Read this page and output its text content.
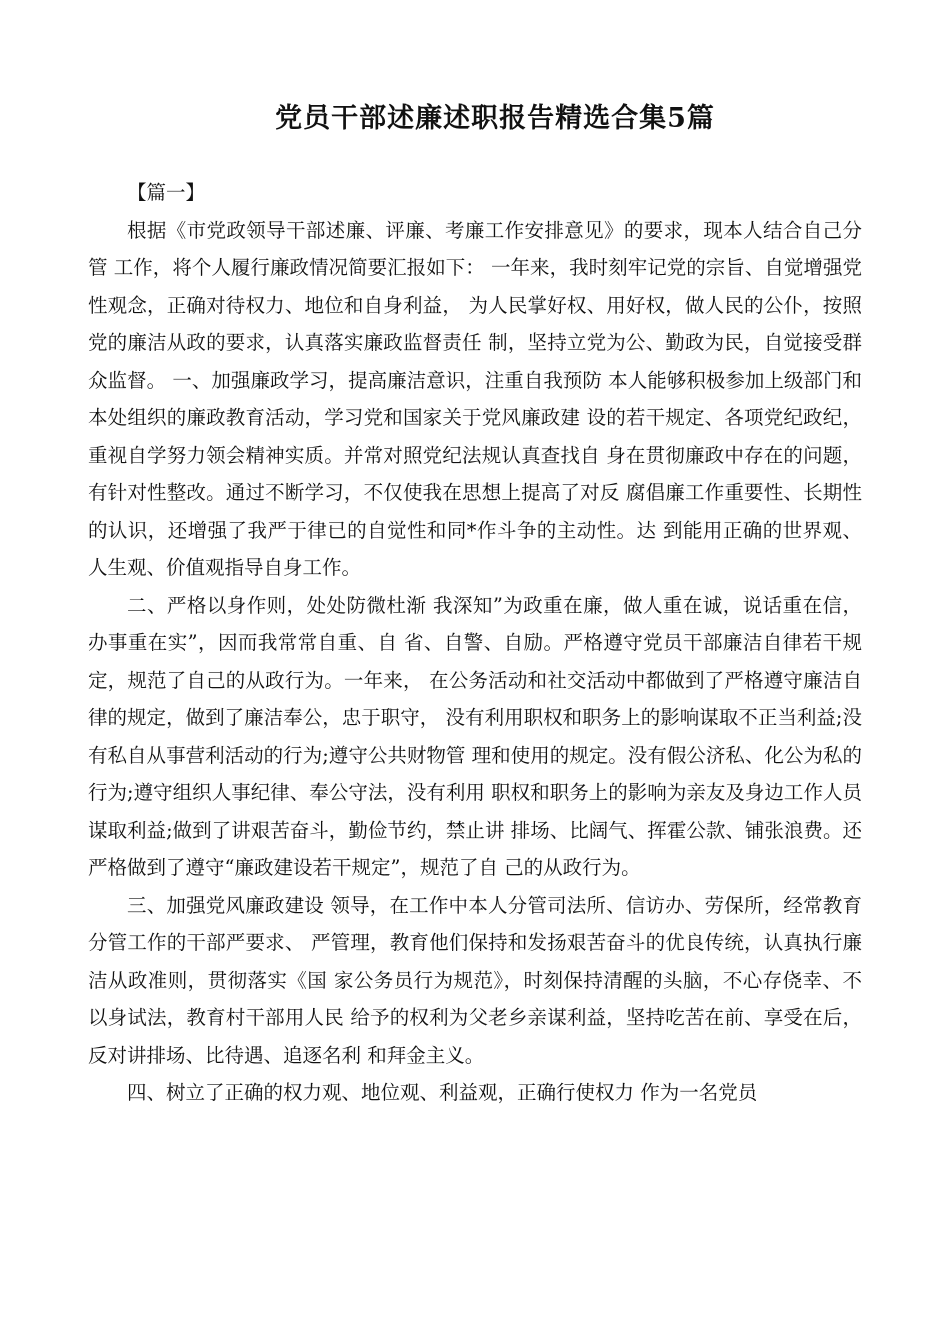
党员干部述廉述职报告精选合集5篇

【篇一】

根据《市党政领导干部述廉、评廉、考廉工作安排意见》的要求，现本人结合自己分管 工作，将个人履行廉政情况简要汇报如下： 一年来，我时刻牢记党的宗旨、自觉增强党性观念，正确对待权力、地位和自身利益， 为人民掌好权、用好权，做人民的公仆，按照党的廉洁从政的要求，认真落实廉政监督责任 制，坚持立党为公、勤政为民，自觉接受群众监督。 一、加强廉政学习，提高廉洁意识，注重自我预防 本人能够积极参加上级部门和本处组织的廉政教育活动，学习党和国家关于党风廉政建 设的若干规定、各项党纪政纪，重视自学努力领会精神实质。并常对照党纪法规认真查找自 身在贯彻廉政中存在的问题，有针对性整改。通过不断学习，不仅使我在思想上提高了对反 腐倡廉工作重要性、长期性的认识，还增强了我严于律已的自觉性和同*作斗争的主动性。达 到能用正确的世界观、人生观、价值观指导自身工作。

二、严格以身作则，处处防微杜渐 我深知”为政重在廉，做人重在诚，说话重在信，办事重在实”，因而我常常自重、自 省、自警、自励。严格遵守党员干部廉洁自律若干规定，规范了自己的从政行为。一年来， 在公务活动和社交活动中都做到了严格遵守廉洁自律的规定，做到了廉洁奉公，忠于职守， 没有利用职权和职务上的影响谋取不正当利益;没有私自从事营利活动的行为;遵守公共财物管 理和使用的规定。没有假公济私、化公为私的行为;遵守组织人事纪律、奉公守法，没有利用 职权和职务上的影响为亲友及身边工作人员谋取利益;做到了讲艰苦奋斗，勤俭节约，禁止讲 排场、比阔气、挥霍公款、铺张浪费。还严格做到了遵守“廉政建设若干规定”，规范了自 己的从政行为。

三、加强党风廉政建设 领导，在工作中本人分管司法所、信访办、劳保所，经常教育分管工作的干部严要求、 严管理，教育他们保持和发扬艰苦奋斗的优良传统，认真执行廉洁从政准则，贯彻落实《国 家公务员行为规范》，时刻保持清醒的头脑，不心存侥幸、不以身试法，教育村干部用人民 给予的权利为父老乡亲谋利益，坚持吃苦在前、享受在后，反对讲排场、比待遇、追逐名利 和拜金主义。

四、树立了正确的权力观、地位观、利益观，正确行使权力 作为一名党员
